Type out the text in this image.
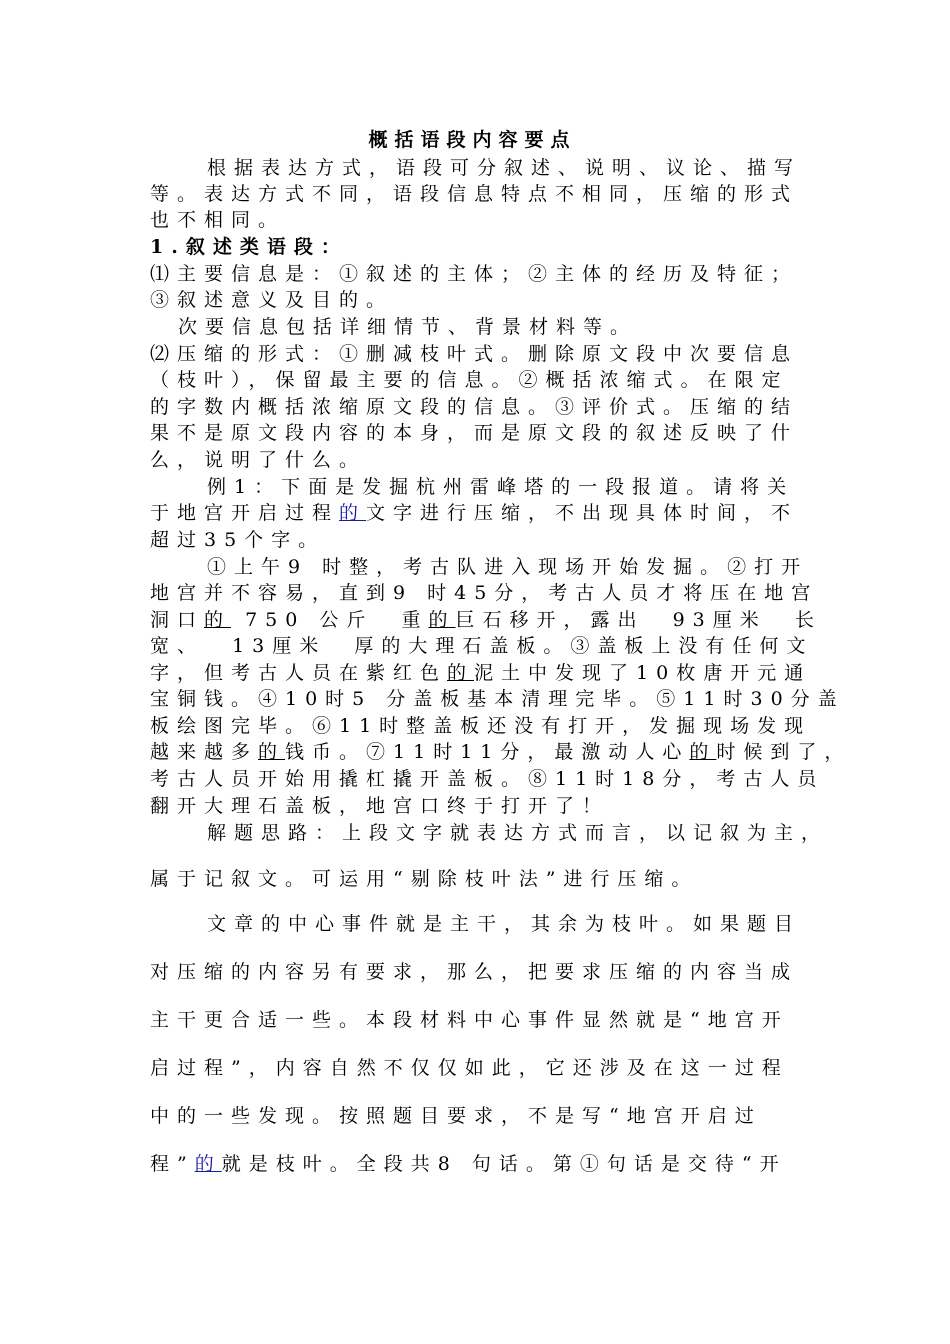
概括语段内容要点
根据表达方式，语段可分叙述、说明、议论、描写
等。表达方式不同，语段信息特点不相同，压缩的形式
也不相同。
1.叙述类语段：
⑴主要信息是：①叙述的主体；②主体的经历及特征；
③叙述意义及目的。
次要信息包括详细情节、背景材料等。
⑵压缩的形式：①删减枝叶式。删除原文段中次要信息
（枝叶），保留最主要的信息。②概括浓缩式。在限定
的字数内概括浓缩原文段的信息。③评价式。压缩的结
果不是原文段内容的本身，而是原文段的叙述反映了什
么，说明了什么。
例1：下面是发掘杭州雷峰塔的一段报道。请将关
于地宫开启过程的文字进行压缩，不出现具体时间，不
超过35个字。
①上午9 时整，考古队进入现场开始发掘。②打开
地宫并不容易，直到9 时45分，考古人员才将压在地宫
洞口的 750 公斤  重的巨石移开，露出  93厘米  长
宽、  13厘米  厚的大理石盖板。③盖板上没有任何文
字，但考古人员在紫红色的泥土中发现了10枚唐开元通
宝铜钱。④10时5 分盖板基本清理完毕。⑤11时30分盖
板绘图完毕。⑥11时整盖板还没有打开，发掘现场发现
越来越多的钱币。⑦11时11分，最激动人心的时候到了，
考古人员开始用撬杠撬开盖板。⑧11时18分，考古人员
翻开大理石盖板，地宫口终于打开了！
解题思路：上段文字就表达方式而言，以记叙为主，
属于记叙文。可运用“剔除枝叶法”进行压缩。
文章的中心事件就是主干，其余为枝叶。如果题目
对压缩的内容另有要求，那么，把要求压缩的内容当成
主干更合适一些。本段材料中心事件显然就是“地宫开
启过程”，内容自然不仅仅如此，它还涉及在这一过程
中的一些发现。按照题目要求，不是写“地宫开启过
程”的就是枝叶。全段共8 句话。第①句话是交待“开
